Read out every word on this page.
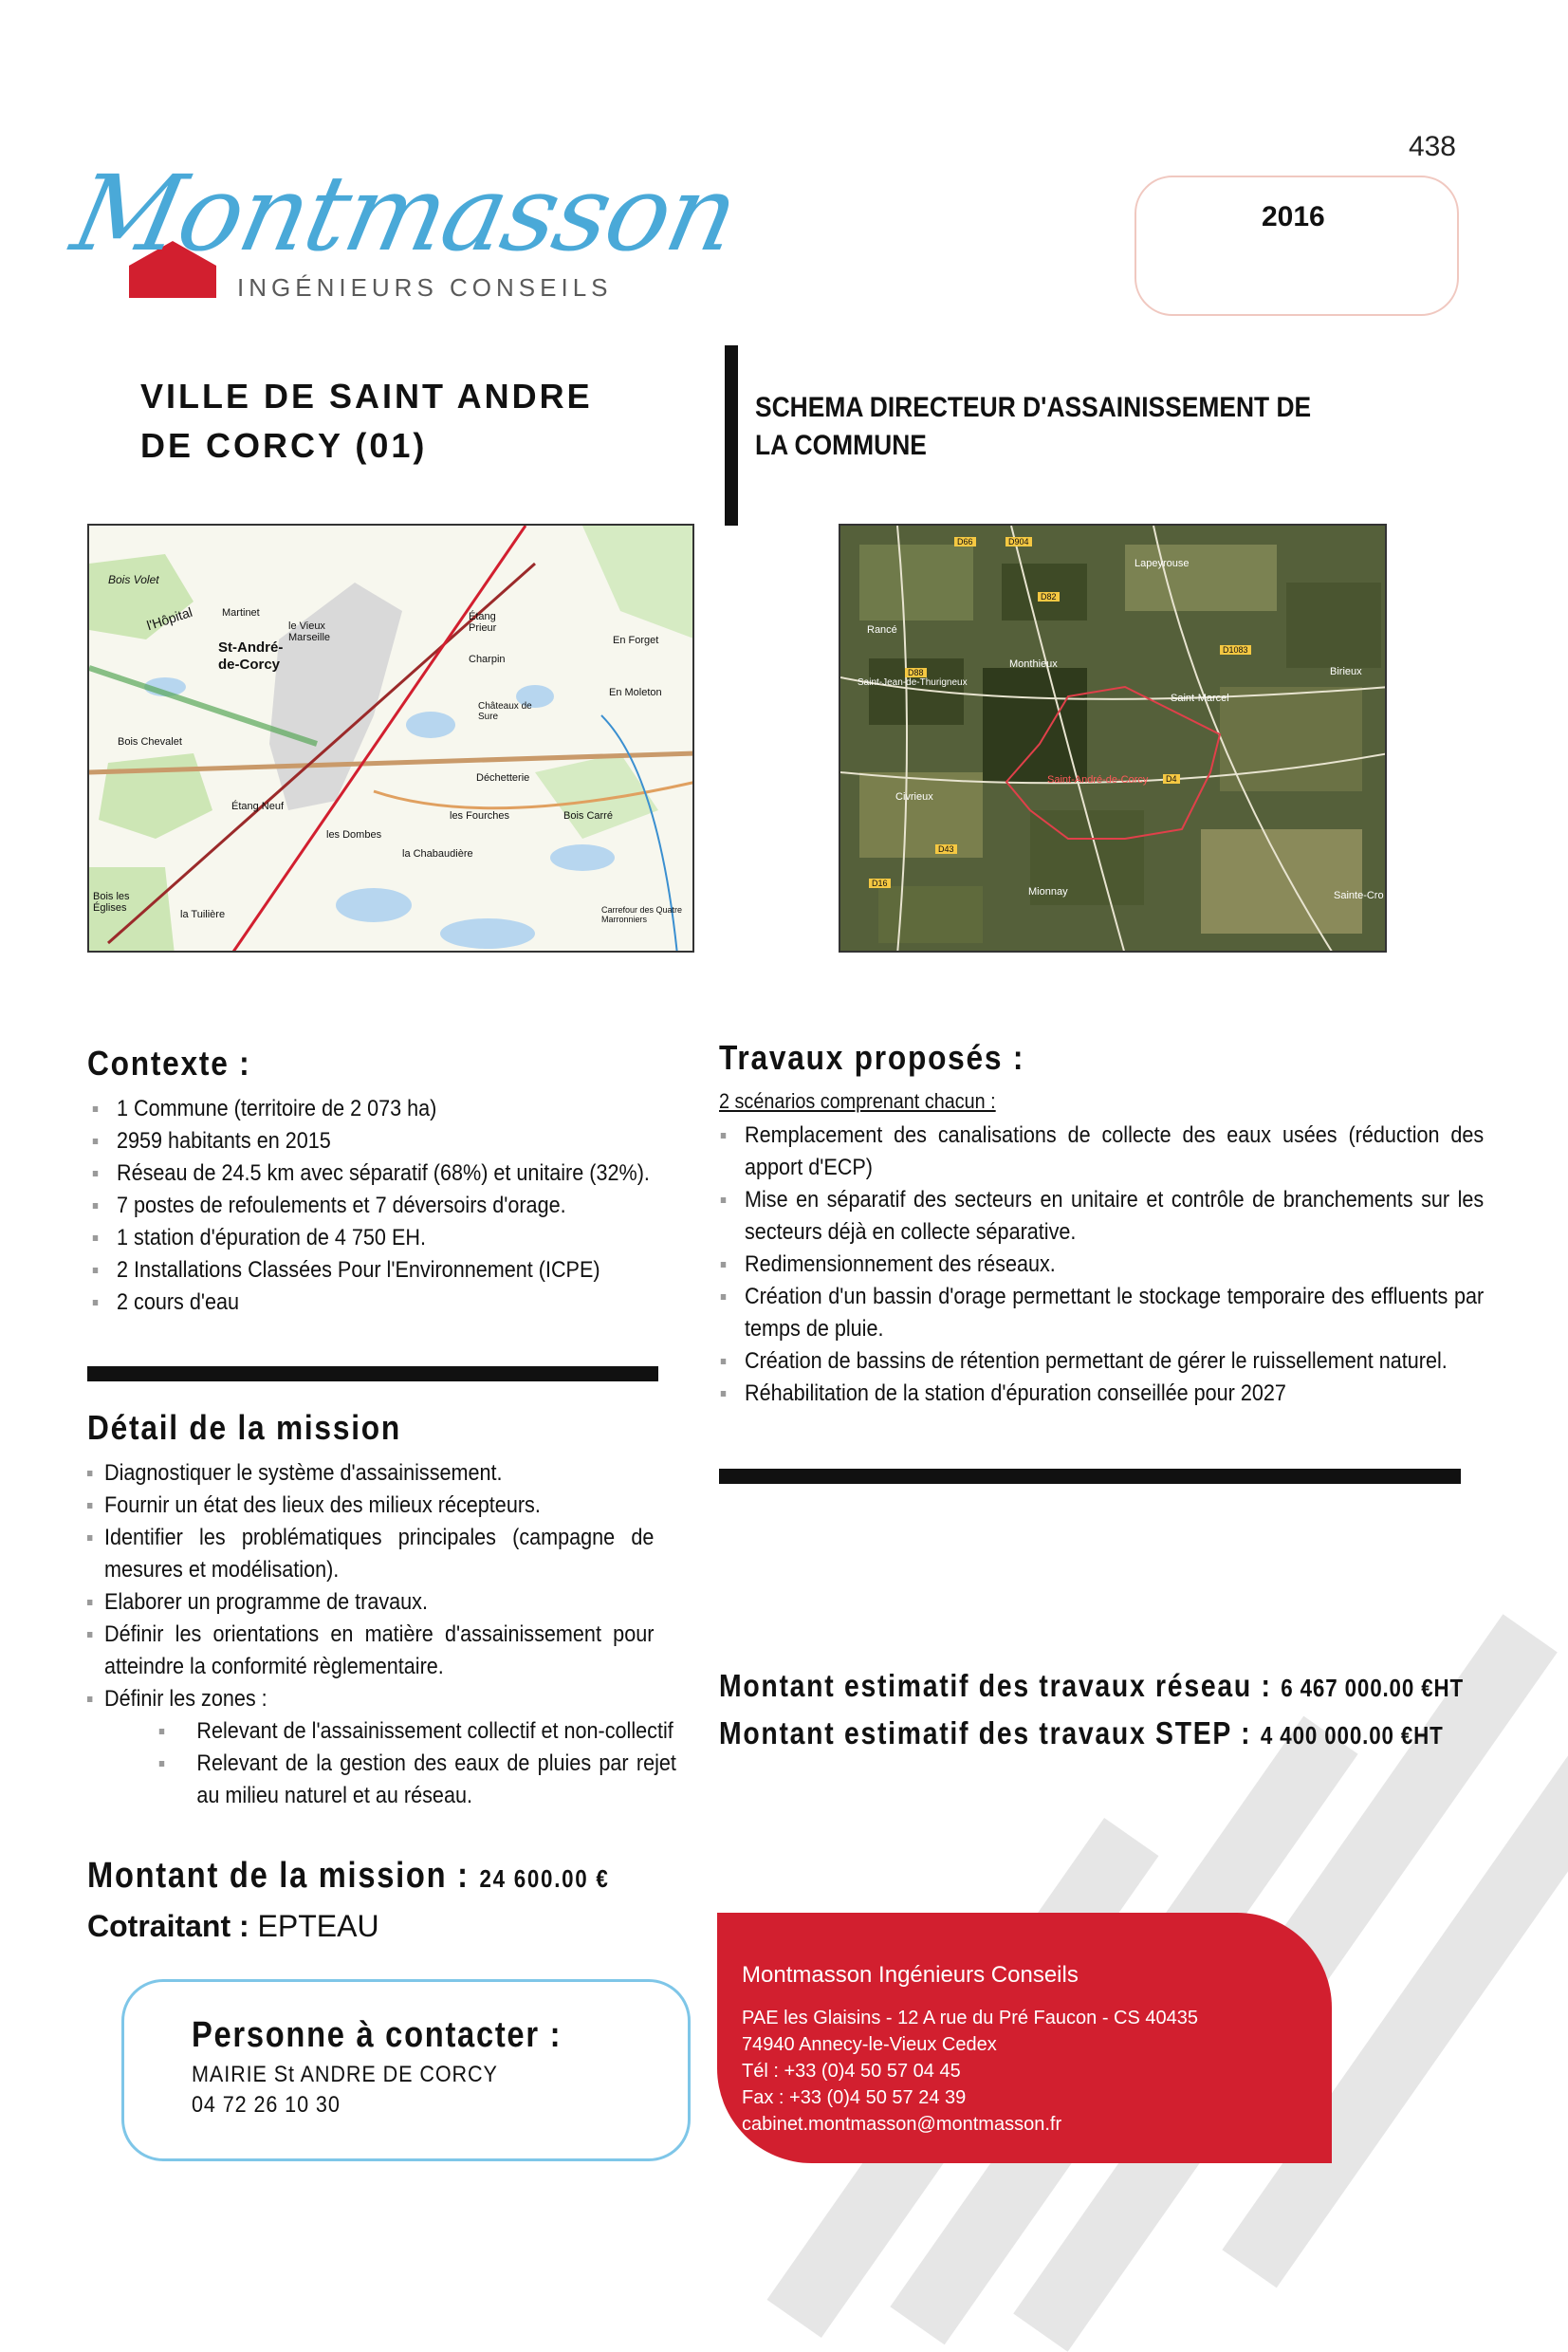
438
2016
Montmasson
INGÉNIEURS CONSEILS
VILLE DE SAINT ANDRE DE CORCY (01)
SCHEMA DIRECTEUR D'ASSAINISSEMENT DE LA COMMUNE
St-André-de-Corcy
Bois Volet
l'Hôpital	le Vieux Marseille
Martinet
Bois Chevalet
Charpin
Étang Prieur
En Forget
En Moleton
Déchetterie
les Fourches	Bois Carré
la Chabaudière
les Dombes
la Tuilière
Bois les Églises
Étang Neuf
Châteaux de Sure
Carrefour des Quatre Marronniers
Lapeyrouse
Rancé
Saint-Jean-de-Thurigneux
Monthieux
Saint-Marcel
Birieux
Saint-André-de-Corcy
Civrieux
Mionnay	Sainte-Cro
D904
D82
D88
D66
D1083
D4
D43
D16
Contexte :
1 Commune (territoire de 2 073 ha)
2959 habitants en 2015
Réseau de 24.5 km avec séparatif (68%) et unitaire (32%).
7 postes de refoulements et 7 déversoirs d'orage.
1 station d'épuration de 4 750 EH.
2 Installations Classées Pour l'Environnement (ICPE)
2 cours d'eau
Détail de la mission
Diagnostiquer le système d'assainissement.
Fournir un état des lieux des milieux récepteurs.
Identifier les problématiques principales (campagne de mesures et modélisation).
Elaborer un programme de travaux.
Définir les orientations en matière d'assainissement pour atteindre la conformité règlementaire.
Définir les zones :
Relevant de l'assainissement collectif et non-collectif
Relevant de la gestion des eaux de pluies par rejet au milieu naturel et au réseau.
Montant de la mission : 24 600.00 €
Cotraitant : EPTEAU
Personne à contacter :
MAIRIE St ANDRE DE CORCY
04 72 26 10 30
Travaux proposés :
2 scénarios comprenant chacun :
Remplacement des canalisations de collecte des eaux usées (réduction des apport d'ECP)
Mise en séparatif des secteurs en unitaire et contrôle de branchements sur les secteurs déjà en collecte séparative.
Redimensionnement des réseaux.
Création d'un bassin d'orage permettant le stockage temporaire des effluents par temps de pluie.
Création de bassins de rétention permettant de gérer le ruissellement naturel.
Réhabilitation de la station d'épuration conseillée pour 2027
Montant estimatif des travaux réseau : 6 467 000.00 €HT
Montant estimatif des travaux STEP : 4 400 000.00 €HT
Montmasson Ingénieurs Conseils
PAE les Glaisins - 12 A rue du Pré Faucon - CS 40435
74940 Annecy-le-Vieux Cedex
Tél : +33 (0)4 50 57 04 45
Fax : +33 (0)4 50 57 24 39
cabinet.montmasson@montmasson.fr
